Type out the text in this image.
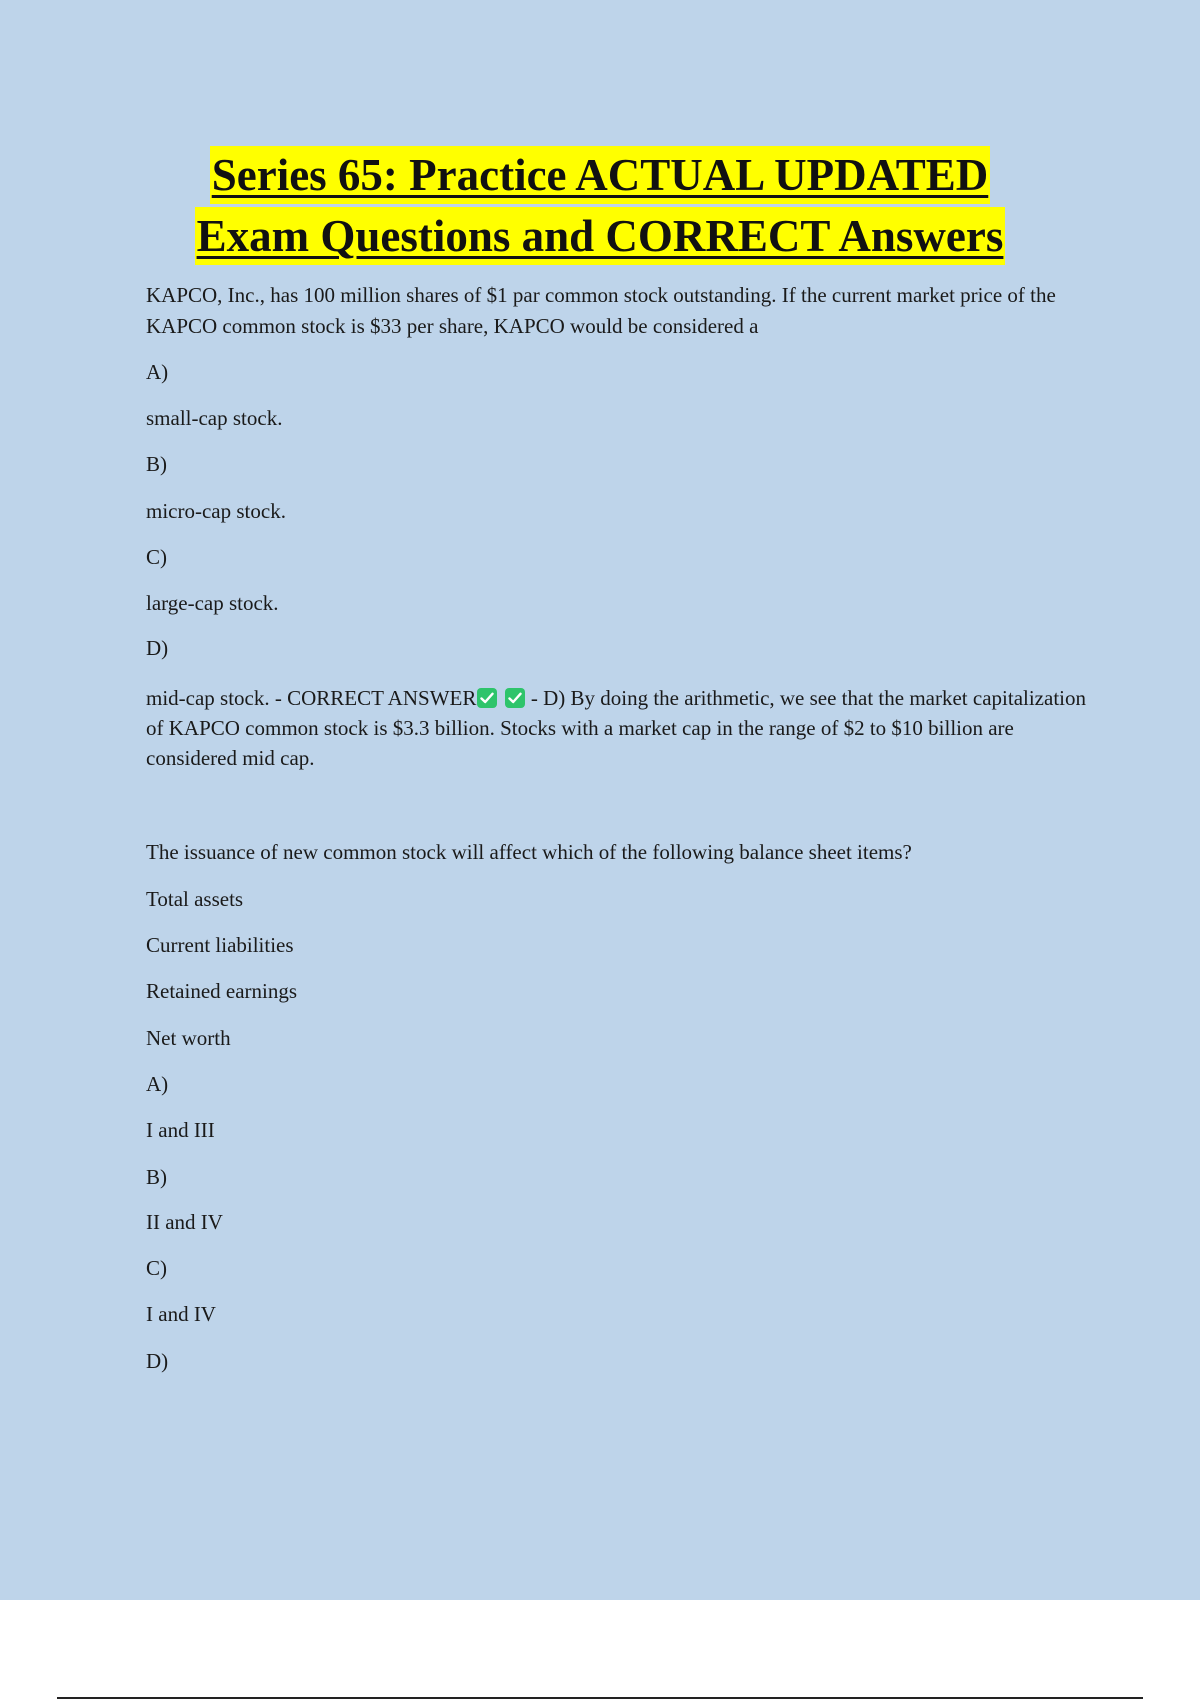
Series 65: Practice ACTUAL UPDATED
Exam Questions and CORRECT Answers
KAPCO, Inc., has 100 million shares of $1 par common stock outstanding. If the current market price of the KAPCO common stock is $33 per share, KAPCO would be considered a
A)
small-cap stock.
B)
micro-cap stock.
C)
large-cap stock.
D)
mid-cap stock. - CORRECT ANSWER
	- D) By doing the arithmetic, we see that the market capitalization of KAPCO common stock is $3.3 billion. Stocks with a market cap in the range of $2 to $10 billion are considered mid cap.
The issuance of new common stock will affect which of the following balance sheet items?
Total assets
Current liabilities
Retained earnings
Net worth
A)
I and III
B)
II and IV
C)
I and IV
D)
